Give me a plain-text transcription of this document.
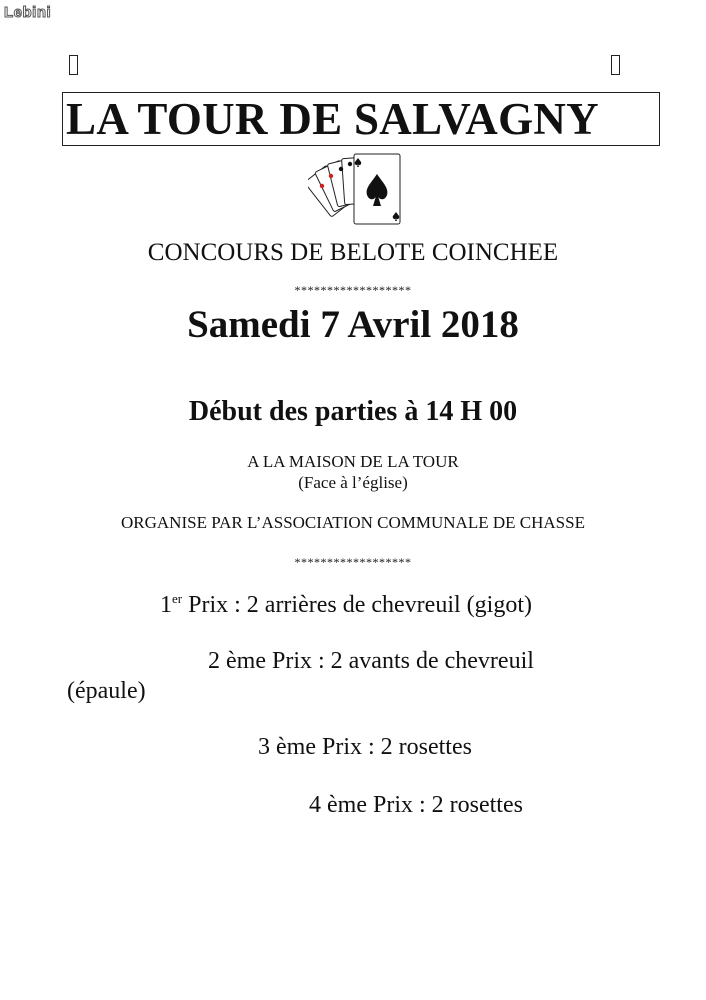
Lebini
LA TOUR DE SALVAGNY
CONCOURS DE BELOTE COINCHEE
******************
Samedi 7 Avril 2018
Début des parties à 14 H 00
A LA MAISON DE LA TOUR
(Face à l’église)
ORGANISE PAR L’ASSOCIATION COMMUNALE DE CHASSE
******************
1er Prix : 2 arrières de chevreuil (gigot)
2 ème Prix : 2 avants de chevreuil
(épaule)
3 ème Prix : 2 rosettes
4 ème Prix : 2 rosettes
